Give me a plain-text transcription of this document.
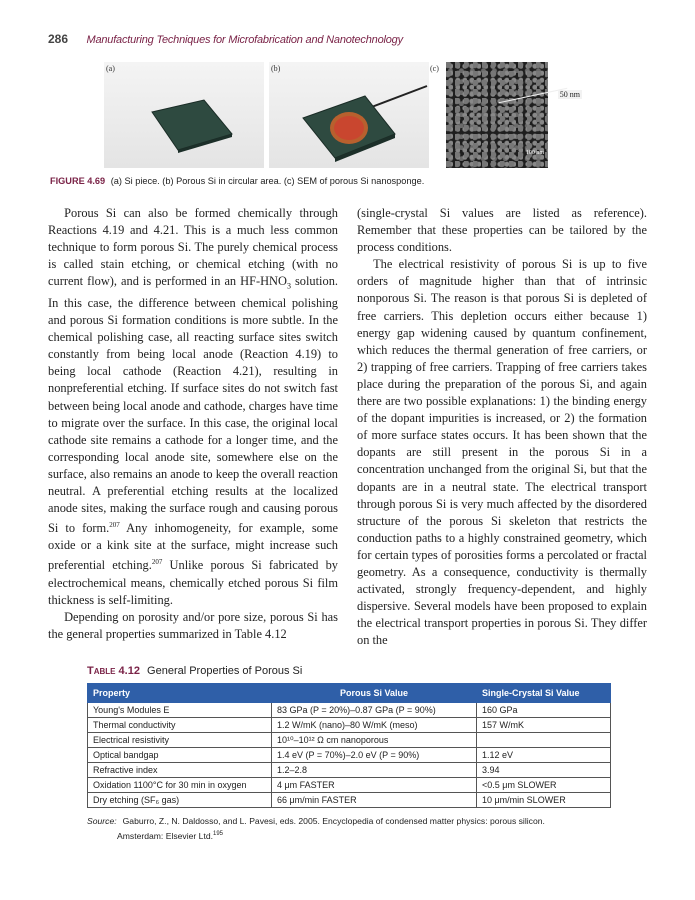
286 Manufacturing Techniques for Microfabrication and Nanotechnology
(a)	(b)
50 nm
100 nm
(c)
FIGURE 4.69 (a) Si piece. (b) Porous Si in circular area. (c) SEM of porous Si nanosponge.

Porous Si can also be formed chemically through Reactions 4.19 and 4.21. This is a much less common technique to form porous Si. The purely chemical process is called stain etching, or chemical etching (with no current flow), and is performed in an $HF-HNO_3$ solution. In this case, the difference between chemical polishing and porous Si formation conditions is more subtle. In the chemical polishing case, all reacting surface sites switch constantly from being local anode (Reaction 4.19) to being local cathode (Reaction 4.21), resulting in nonpreferential etching. If surface sites do not switch fast between being local anode and cathode, charges have time to migrate over the surface. In this case, the original local cathode site remains a cathode for a longer time, and the corresponding local anode site, somewhere else on the surface, also remains an anode to keep the overall reaction neutral. A preferential etching results at the localized anode sites, making the surface rough and causing porous Si to form.$^{207}$ Any inhomogeneity, for example, some oxide or a kink site at the surface, might increase such preferential etching.$^{207}$ Unlike porous Si fabricated by electrochemical means, chemically etched porous Si film thickness is self-limiting.

Depending on porosity and/or pore size, porous Si has the general properties summarized in Table 4.12

(single-crystal Si values are listed as reference). Remember that these properties can be tailored by the process conditions.

The electrical resistivity of porous Si is up to five orders of magnitude higher than that of intrinsic nonporous Si. The reason is that porous Si is depleted of free carriers. This depletion occurs either because 1) energy gap widening caused by quantum confinement, which reduces the thermal generation of free carriers, or 2) trapping of free carriers. Trapping of free carriers takes place during the preparation of the porous Si, and again there are two possible explanations: 1) the binding energy of the dopant impurities is increased, or 2) the formation of more surface states occurs. It has been shown that the dopants are still present in the porous Si in a concentration unchanged from the original Si, but that the dopants are in a neutral state. The electrical transport through porous Si is very much affected by the disordered structure of the porous Si skeleton that restricts the conduction paths to a highly constrained geometry, which for certain types of porosities forms a percolated or fractal geometry. As a consequence, conductivity is thermally activated, strongly frequency-dependent, and highly dispersive. Several models have been proposed to explain the electrical transport properties in porous Si. They differ on the

Table 4.12 General Properties of Porous Si
Property	Porous Si Value	Single-Crystal Si Value
Young's Modules E	83 GPa (P = 20%)–0.87 GPa (P = 90%)	160 GPa
Thermal conductivity	1.2 W/mK (nano)–80 W/mK (meso)	157 W/mK
Electrical resistivity	10¹⁰–10¹² Ω cm nanoporous	
Optical bandgap	1.4 eV (P = 70%)–2.0 eV (P = 90%)	1.12 eV
Refractive index	1.2–2.8	3.94
Oxidation 1100°C for 30 min in oxygen	4 μm FASTER	<0.5 μm SLOWER
Dry etching (SF₆ gas)	66 μm/min FASTER	10 μm/min SLOWER
Source: Gaburro, Z., N. Daldosso, and L. Pavesi, eds. 2005. Encyclopedia of condensed matter physics: porous silicon.
Amsterdam: Elsevier Ltd.$^{195}$
